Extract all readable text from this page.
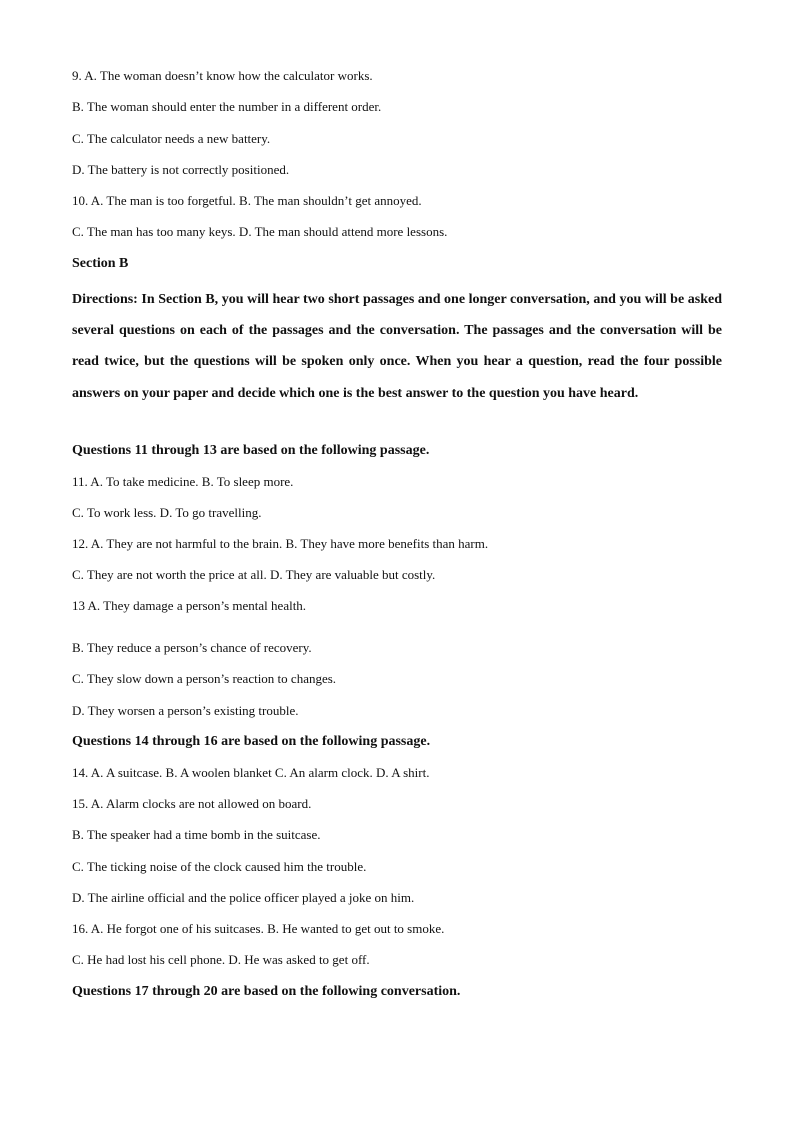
9. A. The woman doesn’t know how the calculator works.
B. The woman should enter the number in a different order.
C. The calculator needs a new battery.
D. The battery is not correctly positioned.
10. A. The man is too forgetful. B. The man shouldn’t get annoyed.
C. The man has too many keys. D. The man should attend more lessons.
Section B
Directions: In Section B, you will hear two short passages and one longer conversation, and you will be asked several questions on each of the passages and the conversation. The passages and the conversation will be read twice, but the questions will be spoken only once. When you hear a question, read the four possible answers on your paper and decide which one is the best answer to the question you have heard.
Questions 11 through 13 are based on the following passage.
11. A. To take medicine. B. To sleep more.
C. To work less. D. To go travelling.
12. A. They are not harmful to the brain. B. They have more benefits than harm.
C. They are not worth the price at all. D. They are valuable but costly.
13 A. They damage a person’s mental health.
B. They reduce a person’s chance of recovery.
C. They slow down a person’s reaction to changes.
D. They worsen a person’s existing trouble.
Questions 14 through 16 are based on the following passage.
14. A. A suitcase. B. A woolen blanket C. An alarm clock. D. A shirt.
15. A. Alarm clocks are not allowed on board.
B. The speaker had a time bomb in the suitcase.
C. The ticking noise of the clock caused him the trouble.
D. The airline official and the police officer played a joke on him.
16. A. He forgot one of his suitcases. B. He wanted to get out to smoke.
C. He had lost his cell phone. D. He was asked to get off.
Questions 17 through 20 are based on the following conversation.
